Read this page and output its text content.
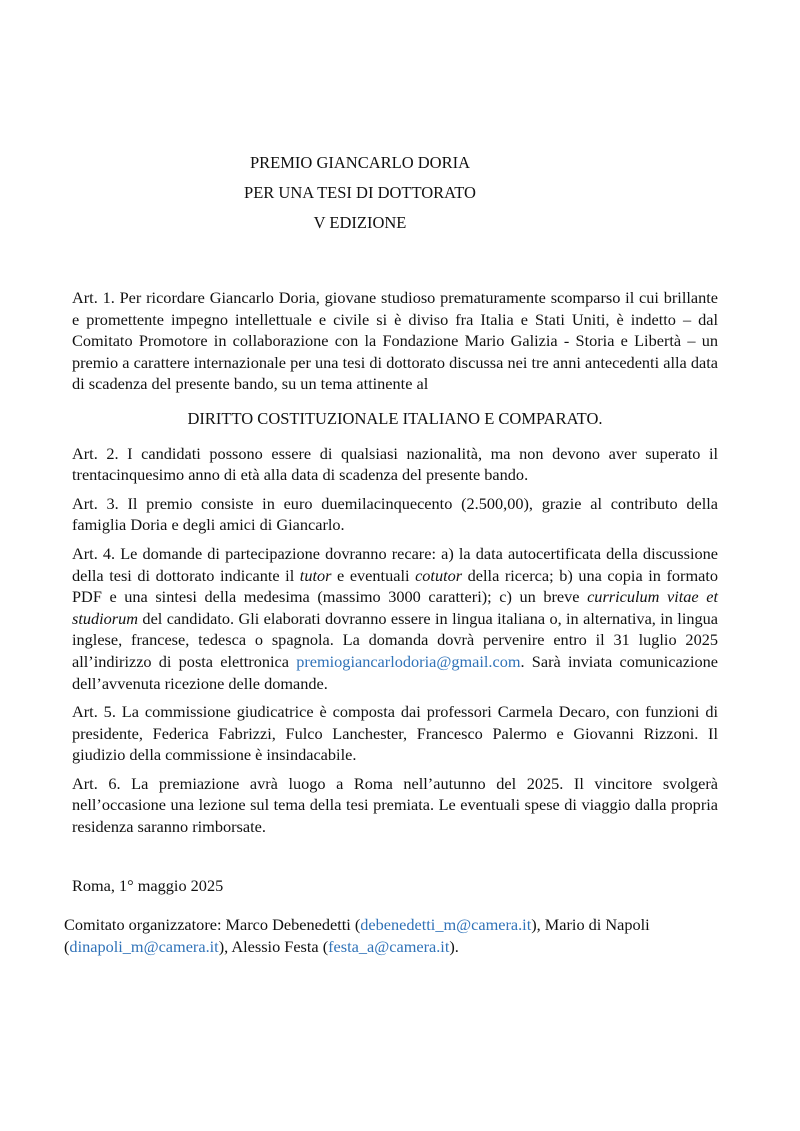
PREMIO GIANCARLO DORIA
PER UNA TESI DI DOTTORATO
V EDIZIONE

Art. 1. Per ricordare Giancarlo Doria, giovane studioso prematuramente scomparso il cui brillante e promettente impegno intellettuale e civile si è diviso fra Italia e Stati Uniti, è indetto – dal Comitato Promotore in collaborazione con la Fondazione Mario Galizia - Storia e Libertà – un premio a carattere internazionale per una tesi di dottorato discussa nei tre anni antecedenti alla data di scadenza del presente bando, su un tema attinente al

DIRITTO COSTITUZIONALE ITALIANO E COMPARATO.

Art. 2. I candidati possono essere di qualsiasi nazionalità, ma non devono aver superato il trentacinquesimo anno di età alla data di scadenza del presente bando.

Art. 3. Il premio consiste in euro duemilacinquecento (2.500,00), grazie al contributo della famiglia Doria e degli amici di Giancarlo.

Art. 4. Le domande di partecipazione dovranno recare: a) la data autocertificata della discussione della tesi di dottorato indicante il tutor e eventuali cotutor della ricerca; b) una copia in formato PDF e una sintesi della medesima (massimo 3000 caratteri); c) un breve curriculum vitae et studiorum del candidato. Gli elaborati dovranno essere in lingua italiana o, in alternativa, in lingua inglese, francese, tedesca o spagnola. La domanda dovrà pervenire entro il 31 luglio 2025 all’indirizzo di posta elettronica premiogiancarlodoria@gmail.com. Sarà inviata comunicazione dell’avvenuta ricezione delle domande.

Art. 5. La commissione giudicatrice è composta dai professori Carmela Decaro, con funzioni di presidente, Federica Fabrizzi, Fulco Lanchester, Francesco Palermo e Giovanni Rizzoni. Il giudizio della commissione è insindacabile.

Art. 6. La premiazione avrà luogo a Roma nell’autunno del 2025. Il vincitore svolgerà nell’occasione una lezione sul tema della tesi premiata. Le eventuali spese di viaggio dalla propria residenza saranno rimborsate.

Roma, 1° maggio 2025
Comitato organizzatore: Marco Debenedetti (debenedetti_m@camera.it), Mario di Napoli (dinapoli_m@camera.it), Alessio Festa (festa_a@camera.it).
